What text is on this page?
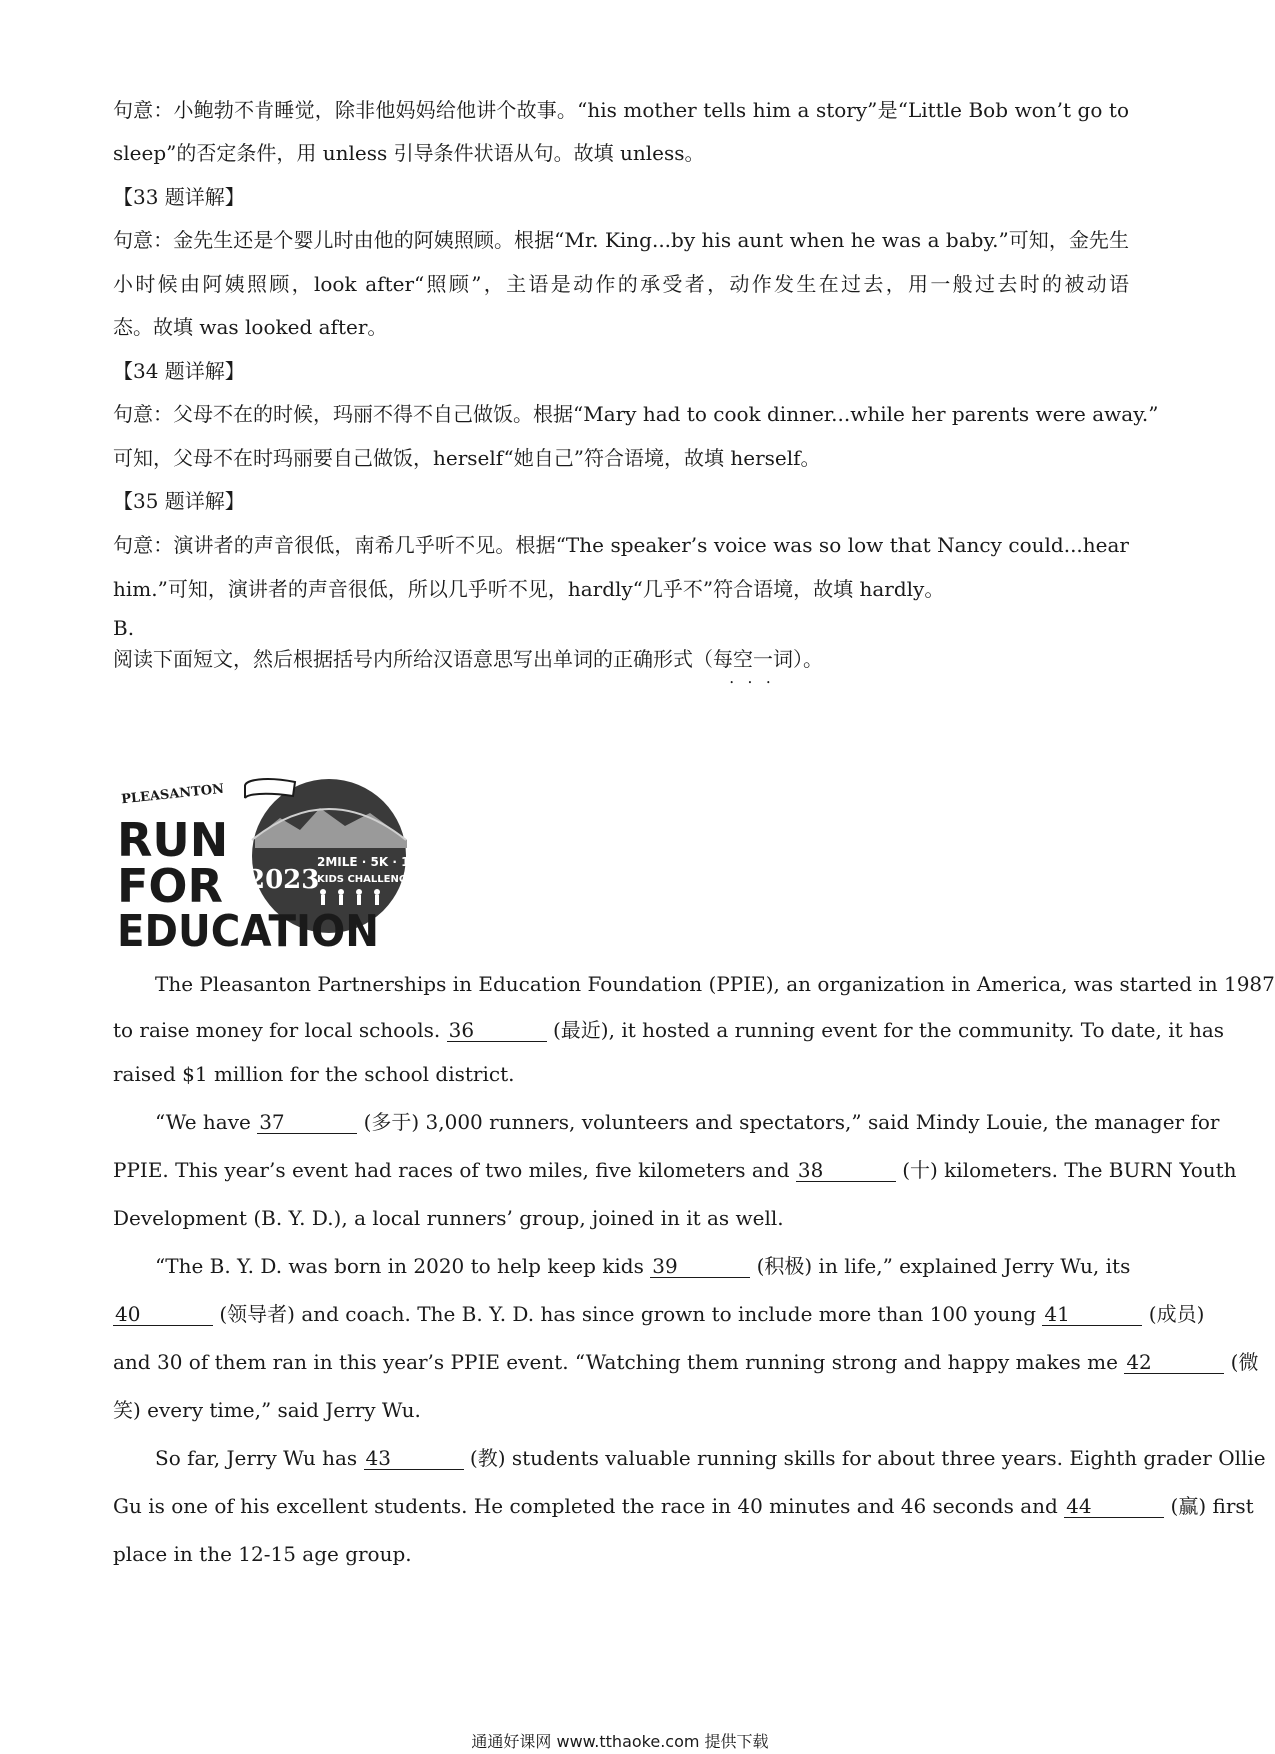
句意：小鲍勃不肯睡觉，除非他妈妈给他讲个故事。“his mother tells him a story”是“Little Bob won’t go to
sleep”的否定条件，用 unless 引导条件状语从句。故填 unless。
【33 题详解】
句意：金先生还是个婴儿时由他的阿姨照顾。根据“Mr. King...by his aunt when he was a baby.”可知，金先生
小时候由阿姨照顾，look after“照顾”，主语是动作的承受者，动作发生在过去，用一般过去时的被动语
态。故填 was looked after。
【34 题详解】
句意：父母不在的时候，玛丽不得不自己做饭。根据“Mary had to cook dinner...while her parents were away.”
可知，父母不在时玛丽要自己做饭，herself“她自己”符合语境，故填 herself。
【35 题详解】
句意：演讲者的声音很低，南希几乎听不见。根据“The speaker’s voice was so low that Nancy could...hear
him.”可知，演讲者的声音很低，所以几乎听不见，hardly“几乎不”符合语境，故填 hardly。
B.
阅读下面短文，然后根据括号内所给汉语意思写出单词的正确形式（每空一词 • • •）。
PLEASANTON
RUN
FOR
EDUCATION
2023
2MILE · 5K · 10K
KIDS CHALLENGE
The Pleasanton Partnerships in Education Foundation (PPIE), an organization in America, was started in 1987
to raise money for local schools. 36	(最近), it hosted a running event for the community. To date, it has
raised $1 million for the school district.
“We have 37	(多于) 3,000 runners, volunteers and spectators,” said Mindy Louie, the manager for
PPIE. This year’s event had races of two miles, five kilometers and 38	(十) kilometers. The BURN Youth
Development (B. Y. D.), a local runners’ group, joined in it as well.
“The B. Y. D. was born in 2020 to help keep kids 39	(积极) in life,” explained Jerry Wu, its
40	(领导者) and coach. The B. Y. D. has since grown to include more than 100 young 41	(成员)
and 30 of them ran in this year’s PPIE event. “Watching them running strong and happy makes me 42	(微
笑) every time,” said Jerry Wu.
So far, Jerry Wu has 43	(教) students valuable running skills for about three years. Eighth grader Ollie
Gu is one of his excellent students. He completed the race in 40 minutes and 46 seconds and 44	(赢) first
place in the 12-15 age group.
通通好课网 www.tthaoke.com 提供下载
